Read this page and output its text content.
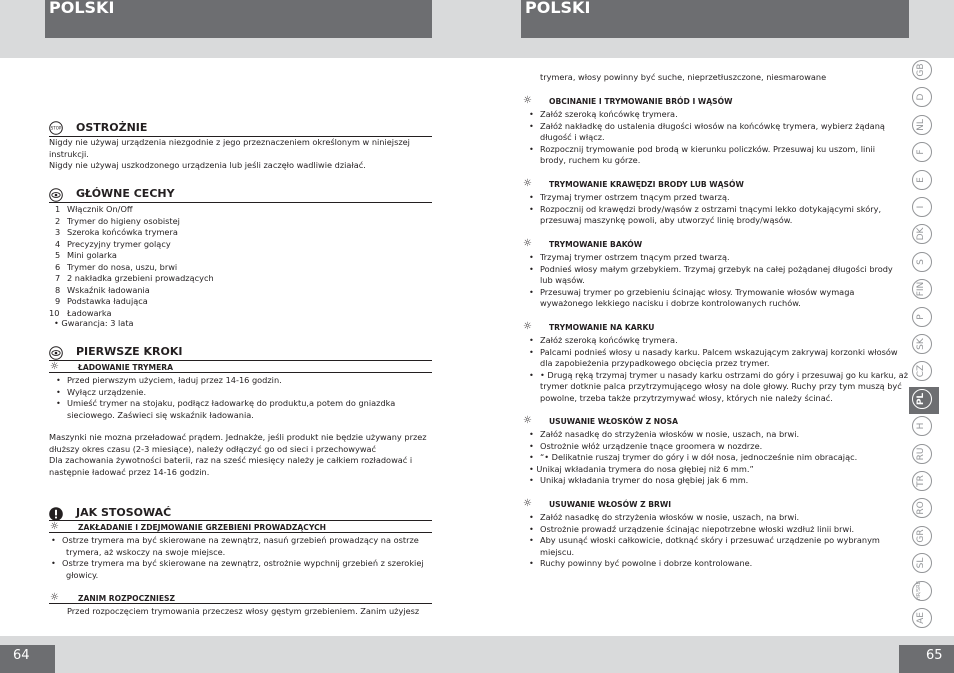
POLSKI	POLSKI
64	65
GB
D
NL
F
E
I
DK
S
FIN
P
SK
CZ
PL
H
RU
TR
RO
GR
SL
HR/SRB
AE
STOP OSTROŻNIE
Nigdy nie używaj urządzenia niezgodnie z jego przeznaczeniem określonym w niniejszej
instrukcji.
Nigdy nie używaj uszkodzonego urządzenia lub jeśli zaczęło wadliwie działać.
GŁÓWNE CECHY
1 Włącznik On/Off
2 Trymer do higieny osobistej
3 Szeroka końcówka trymera
4 Precyzyjny trymer golący
5 Mini golarka
6 Trymer do nosa, uszu, brwi
7 2 nakładka grzebieni prowadzących
8 Wskaźnik ładowania
9 Podstawka ładująca
10 Ładowarka
• Gwarancja: 3 lata
PIERWSZE KROKI
☼	ŁADOWANIE TRYMERA
• Przed pierwszym użyciem, ładuj przez 14-16 godzin.
• Wyłącz urządzenie.
• Umieść trymer na stojaku, podłącz ładowarkę do produktu,a potem do gniazdka
sieciowego. Zaświeci się wskaźnik ładowania.
Maszynki nie mozna przeładować prądem. Jednakże, jeśli produkt nie będzie używany przez
dłuższy okres czasu (2-3 miesiące), należy odłączyć go od sieci i przechowywać
Dla zachowania żywotności baterii, raz na sześć miesięcy należy je całkiem rozładować i
następnie ładować przez 14-16 godzin.
JAK STOSOWAĆ
☼	ZAKŁADANIE I ZDEJMOWANIE GRZEBIENI PROWADZĄCYCH
• Ostrze trymera ma być skierowane na zewnątrz, nasuń grzebień prowadzący na ostrze
trymera, aż wskoczy na swoje miejsce.
• Ostrze trymera ma być skierowane na zewnątrz, ostrożnie wypchnij grzebień z szerokiej
głowicy.
☼	ZANIM ROZPOCZNIESZ
Przed rozpoczęciem trymowania przeczesz włosy gęstym grzebieniem. Zanim użyjesz
trymera, włosy powinny być suche, nieprzetłuszczone, niesmarowane
☼ OBCINANIE I TRYMOWANIE BRÓD I WĄSÓW
• Załóż szeroką końcówkę trymera.
• Załóż nakładkę do ustalenia długości włosów na końcówkę trymera, wybierz żądaną
długość i włącz.
• Rozpocznij trymowanie pod brodą w kierunku policzków. Przesuwaj ku uszom, linii
brody, ruchem ku górze.
☼ TRYMOWANIE KRAWĘDZI BRODY LUB WĄSÓW
• Trzymaj trymer ostrzem tnącym przed twarzą.
• Rozpocznij od krawędzi brody/wąsów z ostrzami tnącymi lekko dotykającymi skóry,
przesuwaj maszynkę powoli, aby utworzyć linię brody/wąsów.
☼ TRYMOWANIE BAKÓW
• Trzymaj trymer ostrzem tnącym przed twarzą.
• Podnieś włosy małym grzebykiem. Trzymaj grzebyk na całej pożądanej długości brody
lub wąsów.
• Przesuwaj trymer po grzebieniu ścinając włosy. Trymowanie włosów wymaga
wyważonego lekkiego nacisku i dobrze kontrolowanych ruchów.
☼ TRYMOWANIE NA KARKU
• Załóż szeroką końcówkę trymera.
• Palcami podnieś włosy u nasady karku. Palcem wskazującym zakrywaj korzonki włosów
dla zapobieżenia przypadkowego obcięcia przez trymer.
• • Drugą ręką trzymaj trymer u nasady karku ostrzami do góry i przesuwaj go ku karku, aż
trymer dotknie palca przytrzymującego włosy na dole głowy. Ruchy przy tym muszą być
powolne, trzeba także przytrzymywać włosy, których nie należy ścinać.
☼ USUWANIE WŁOSKÓW Z NOSA
• Załóż nasadkę do strzyżenia włosków w nosie, uszach, na brwi.
• Ostrożnie włóż urządzenie tnące groomera w nozdrze.
• “• Delikatnie ruszaj trymer do góry i w dół nosa, jednocześnie nim obracając.
• Unikaj wkładania trymera do nosa głębiej niż 6 mm.”
• Unikaj wkładania trymer do nosa głębiej jak 6 mm.
☼ USUWANIE WŁOSÓW Z BRWI
• Załóż nasadkę do strzyżenia włosków w nosie, uszach, na brwi.
• Ostrożnie prowadź urządzenie ścinając niepotrzebne włoski wzdłuż linii brwi.
• Aby usunąć włoski całkowicie, dotknąć skóry i przesuwać urządzenie po wybranym
miejscu.
• Ruchy powinny być powolne i dobrze kontrolowane.
